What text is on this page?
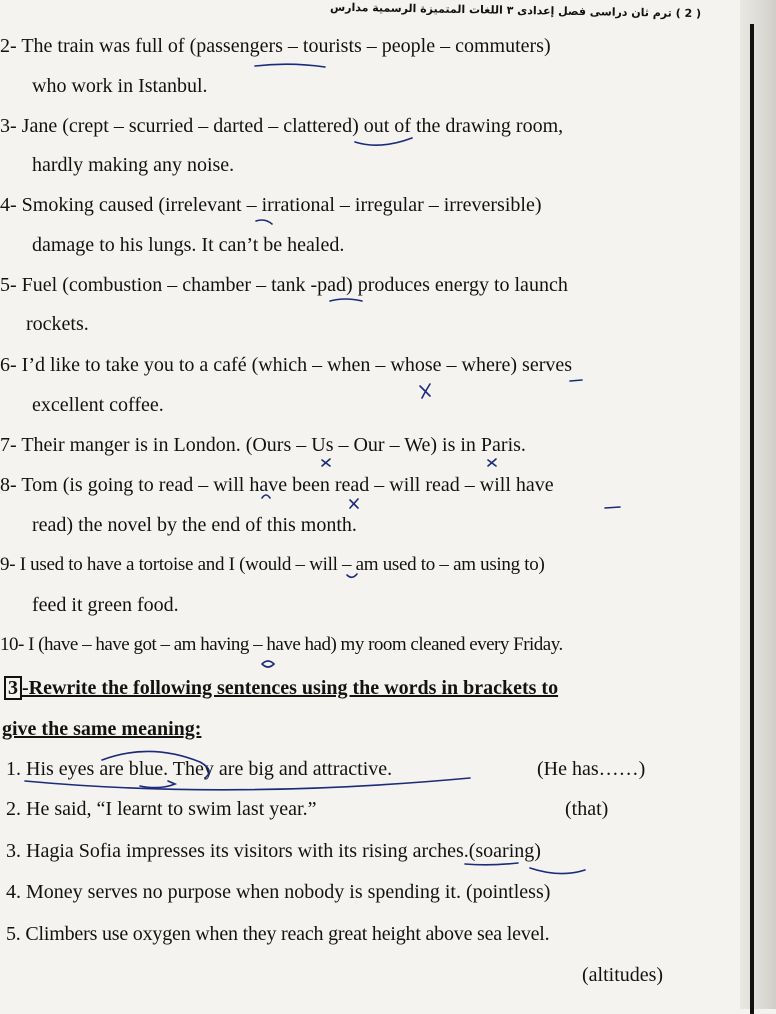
( 2 ) ترم ثان دراسى فصل إعدادى ٣ اللغات المتميزة الرسمية مدارس
2- The train was full of (passengers – tourists – people – commuters)
who work in Istanbul.
3- Jane (crept – scurried – darted – clattered) out of the drawing room,
hardly making any noise.
4- Smoking caused (irrelevant – irrational – irregular – irreversible)
damage to his lungs. It can’t be healed.
5- Fuel (combustion – chamber – tank -pad) produces energy to launch
rockets.
6- I’d like to take you to a café (which – when – whose – where) serves
excellent coffee.
7- Their manger is in London. (Ours – Us – Our – We) is in Paris.
8- Tom (is going to read – will have been read – will read – will have
read) the novel by the end of this month.
9- I used to have a tortoise and I (would – will – am used to – am using to)
feed it green food.
10- I (have – have got – am having – have had) my room cleaned every Friday.
3 -Rewrite the following sentences using the words in brackets to
give the same meaning:
1. His eyes are blue. They are big and attractive.	(He has……)
2. He said, “I learnt to swim last year.”	(that)
3. Hagia Sofia impresses its visitors with its rising arches.(soaring)
4. Money serves no purpose when nobody is spending it. (pointless)
5. Climbers use oxygen when they reach great height above sea level.
(altitudes)
